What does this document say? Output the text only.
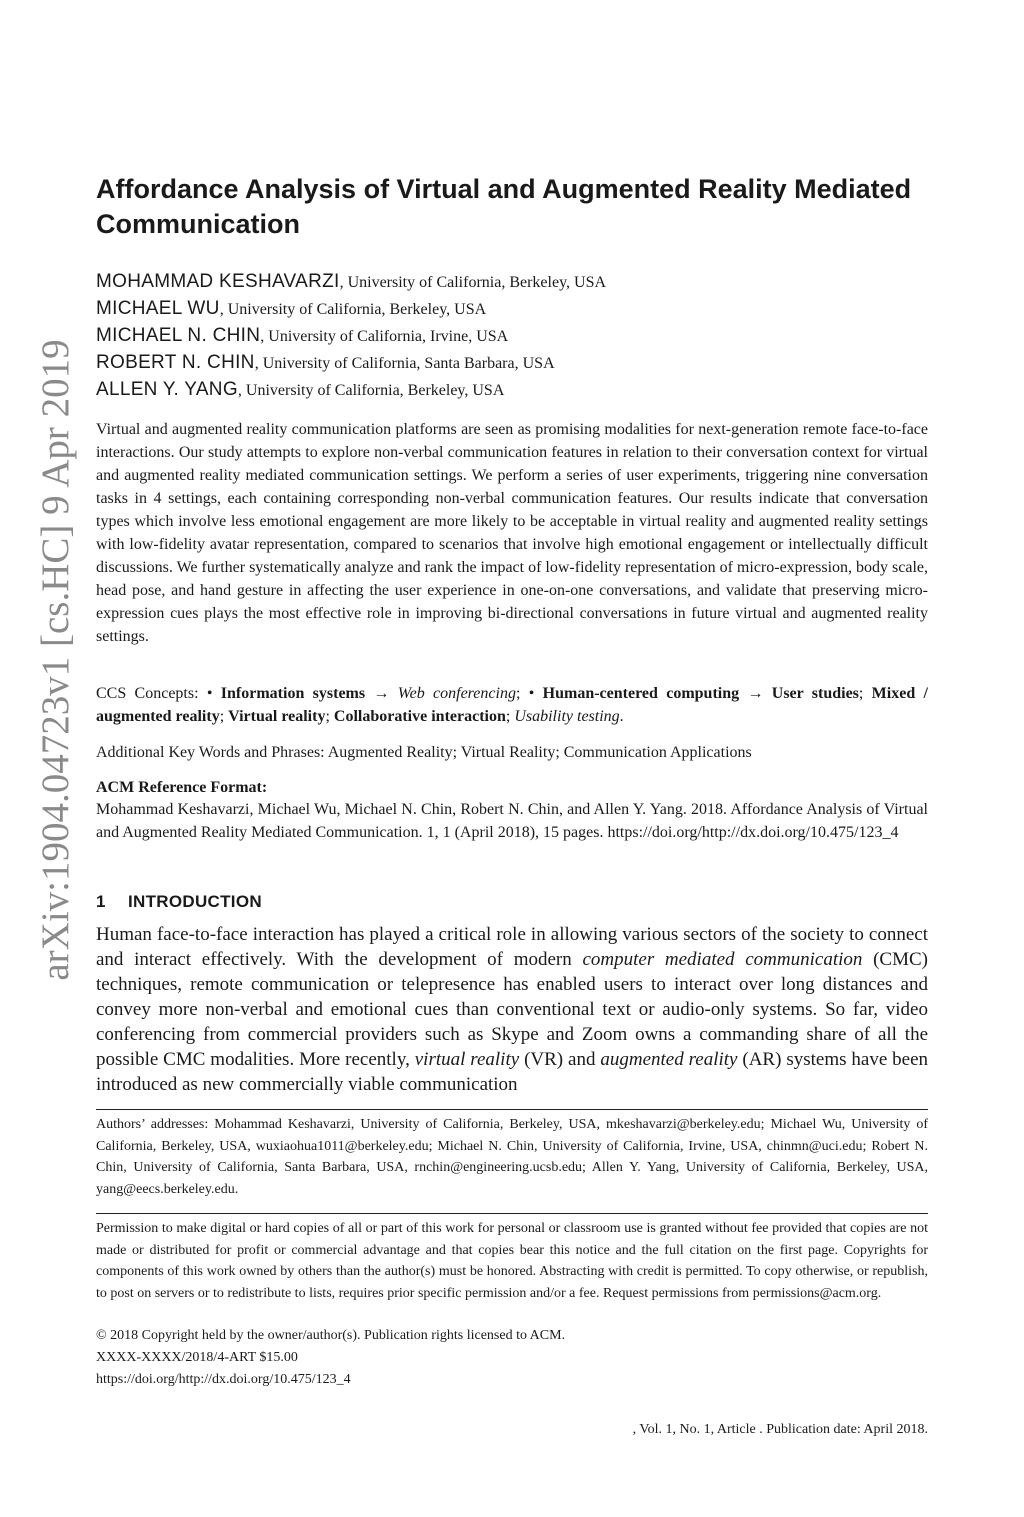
arXiv:1904.04723v1 [cs.HC] 9 Apr 2019
Affordance Analysis of Virtual and Augmented Reality Mediated Communication
MOHAMMAD KESHAVARZI, University of California, Berkeley, USA
MICHAEL WU, University of California, Berkeley, USA
MICHAEL N. CHIN, University of California, Irvine, USA
ROBERT N. CHIN, University of California, Santa Barbara, USA
ALLEN Y. YANG, University of California, Berkeley, USA

Virtual and augmented reality communication platforms are seen as promising modalities for next-generation remote face-to-face interactions. Our study attempts to explore non-verbal communication features in relation to their conversation context for virtual and augmented reality mediated communication settings. We perform a series of user experiments, triggering nine conversation tasks in 4 settings, each containing corresponding non-verbal communication features. Our results indicate that conversation types which involve less emotional engagement are more likely to be acceptable in virtual reality and augmented reality settings with low-fidelity avatar representation, compared to scenarios that involve high emotional engagement or intellectually difficult discussions. We further systematically analyze and rank the impact of low-fidelity representation of micro-expression, body scale, head pose, and hand gesture in affecting the user experience in one-on-one conversations, and validate that preserving micro-expression cues plays the most effective role in improving bi-directional conversations in future virtual and augmented reality settings.

CCS Concepts: • Information systems → Web conferencing; • Human-centered computing → User studies; Mixed / augmented reality; Virtual reality; Collaborative interaction; Usability testing.

Additional Key Words and Phrases: Augmented Reality; Virtual Reality; Communication Applications

ACM Reference Format:

Mohammad Keshavarzi, Michael Wu, Michael N. Chin, Robert N. Chin, and Allen Y. Yang. 2018. Affordance Analysis of Virtual and Augmented Reality Mediated Communication. 1, 1 (April 2018), 15 pages. https://doi.org/http://dx.doi.org/10.475/123_4

1 INTRODUCTION

Human face-to-face interaction has played a critical role in allowing various sectors of the society to connect and interact effectively. With the development of modern computer mediated communication (CMC) techniques, remote communication or telepresence has enabled users to interact over long distances and convey more non-verbal and emotional cues than conventional text or audio-only systems. So far, video conferencing from commercial providers such as Skype and Zoom owns a commanding share of all the possible CMC modalities. More recently, virtual reality (VR) and augmented reality (AR) systems have been introduced as new commercially viable communication

Authors’ addresses: Mohammad Keshavarzi, University of California, Berkeley, USA, mkeshavarzi@berkeley.edu; Michael Wu, University of California, Berkeley, USA, wuxiaohua1011@berkeley.edu; Michael N. Chin, University of California, Irvine, USA, chinmn@uci.edu; Robert N. Chin, University of California, Santa Barbara, USA, rnchin@engineering.ucsb.edu; Allen Y. Yang, University of California, Berkeley, USA, yang@eecs.berkeley.edu.

Permission to make digital or hard copies of all or part of this work for personal or classroom use is granted without fee provided that copies are not made or distributed for profit or commercial advantage and that copies bear this notice and the full citation on the first page. Copyrights for components of this work owned by others than the author(s) must be honored. Abstracting with credit is permitted. To copy otherwise, or republish, to post on servers or to redistribute to lists, requires prior specific permission and/or a fee. Request permissions from permissions@acm.org.

© 2018 Copyright held by the owner/author(s). Publication rights licensed to ACM.

XXXX-XXXX/2018/4-ART $15.00

https://doi.org/http://dx.doi.org/10.475/123_4

, Vol. 1, No. 1, Article . Publication date: April 2018.
